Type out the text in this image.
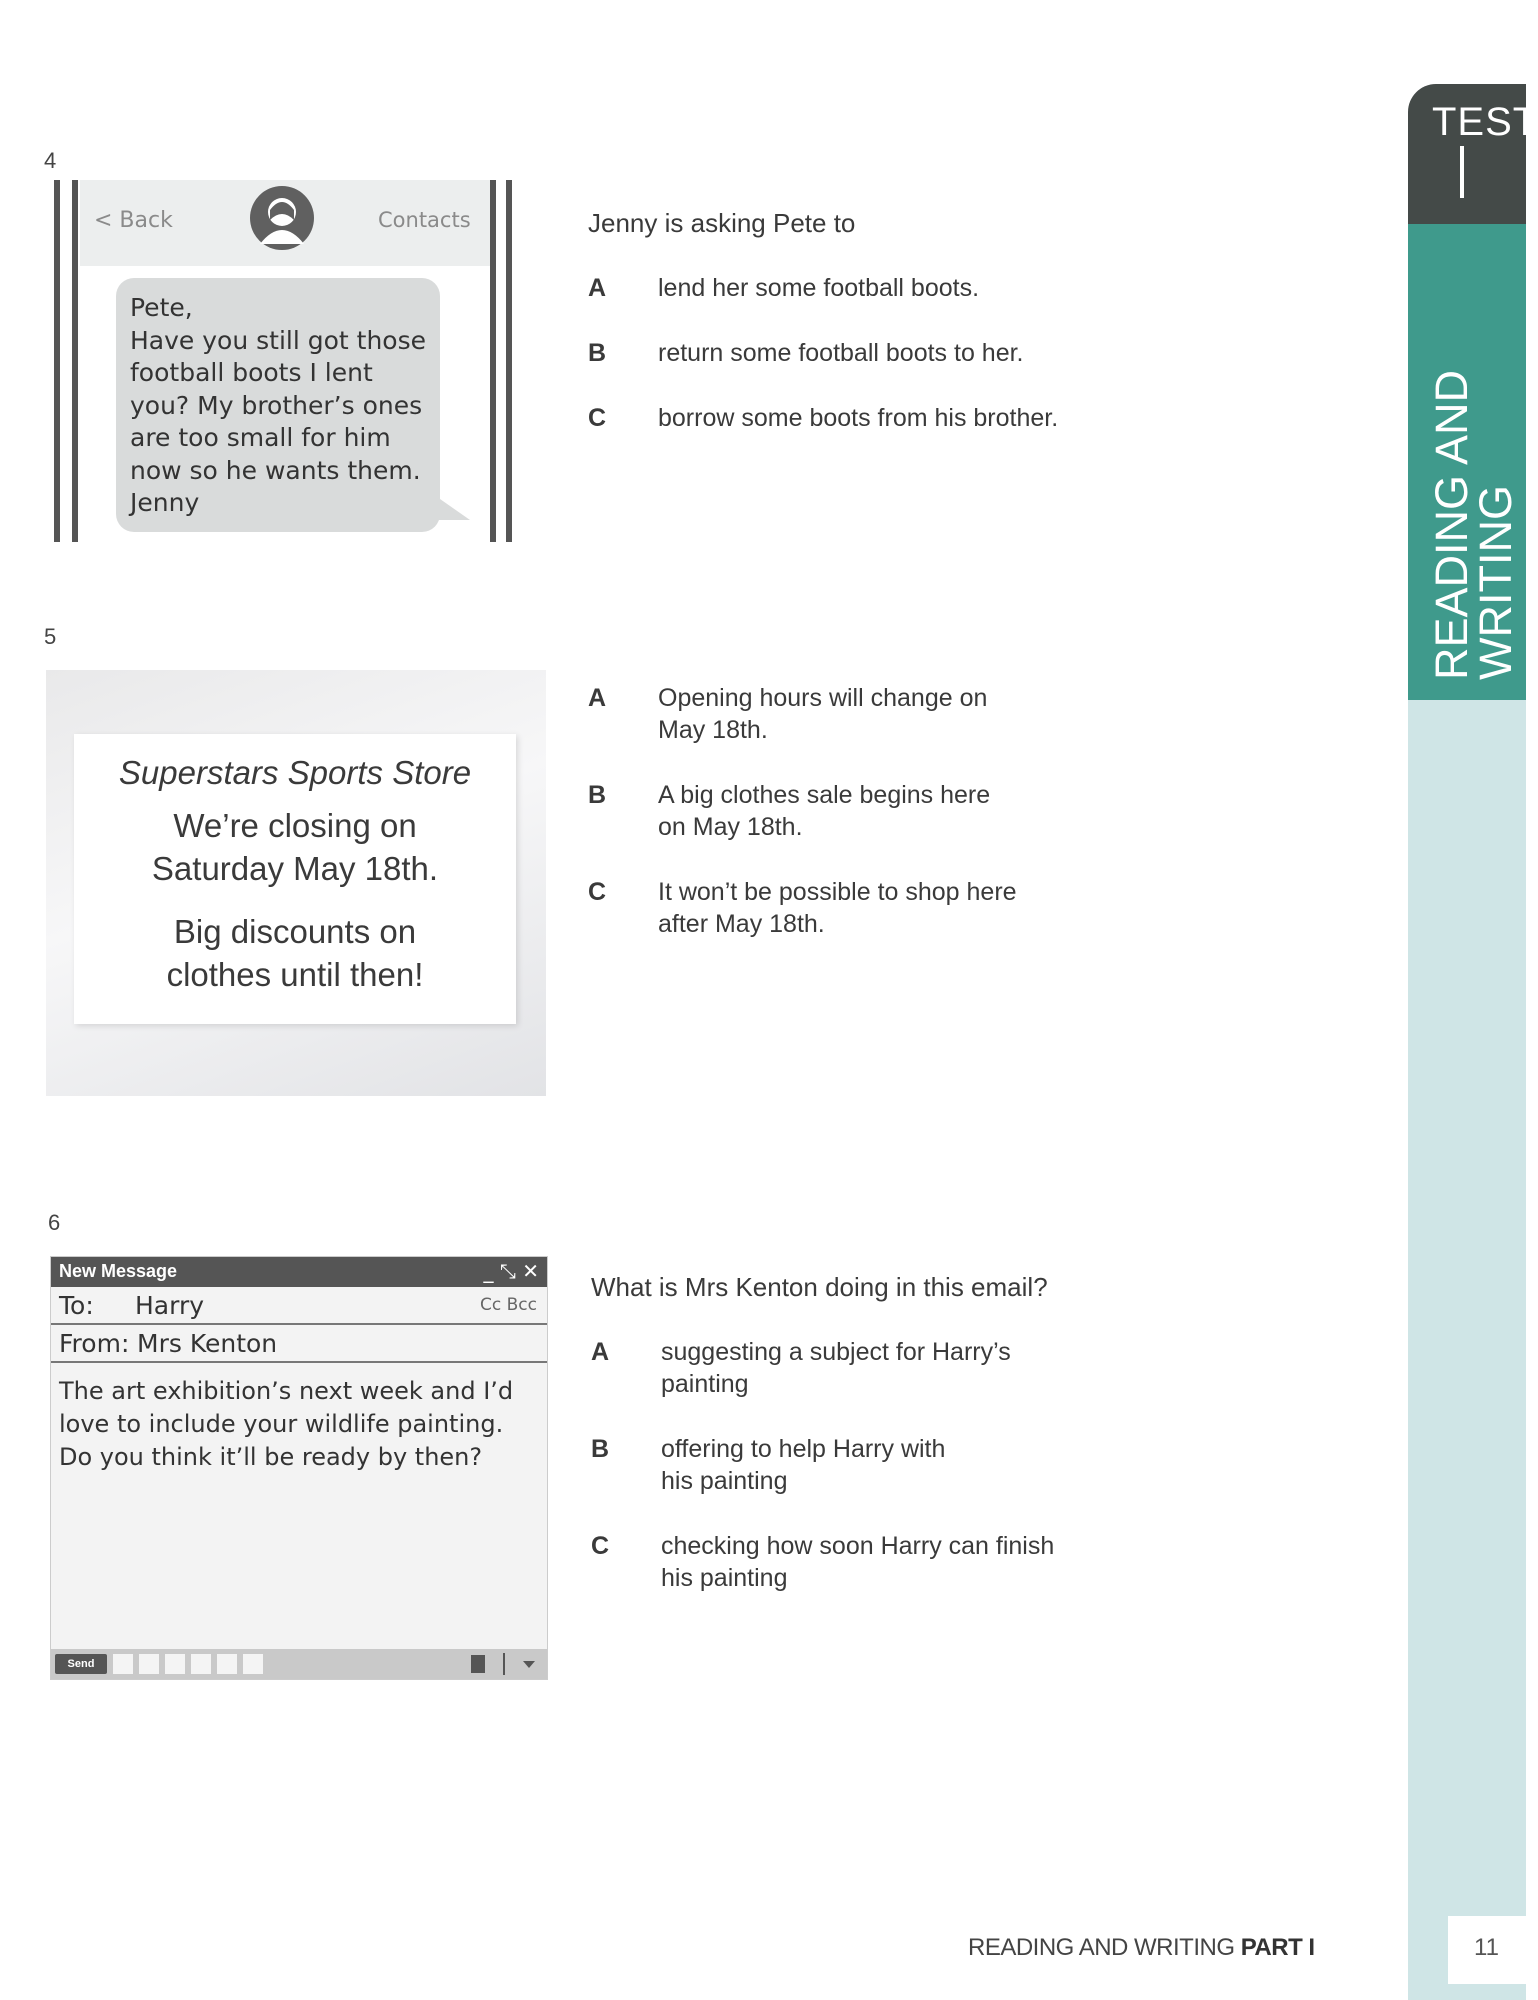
TEST
READING AND
WRITING
11
READING AND WRITING PART I
4
< Back	Contacts
Pete,
Have you still got those
football boots I lent
you? My brother’s ones
are too small for him
now so he wants them.
Jenny
Jenny is asking Pete to
A	lend her some football boots.
B	return some football boots to her.
C	borrow some boots from his brother.
5
Superstars Sports Store
We’re closing on
Saturday May 18th.
Big discounts on
clothes until then!
A	Opening hours will change on
May 18th.
B	A big clothes sale begins here
on May 18th.
C	It won’t be possible to shop here
after May 18th.
6
New Message	_ ⤡ ✕
To: Harry	Cc Bcc
From: Mrs Kenton
The art exhibition’s next week and I’d
love to include your wildlife painting.
Do you think it’ll be ready by then?
Send
What is Mrs Kenton doing in this email?
A	suggesting a subject for Harry’s
painting
B	offering to help Harry with
his painting
C	checking how soon Harry can finish
his painting
